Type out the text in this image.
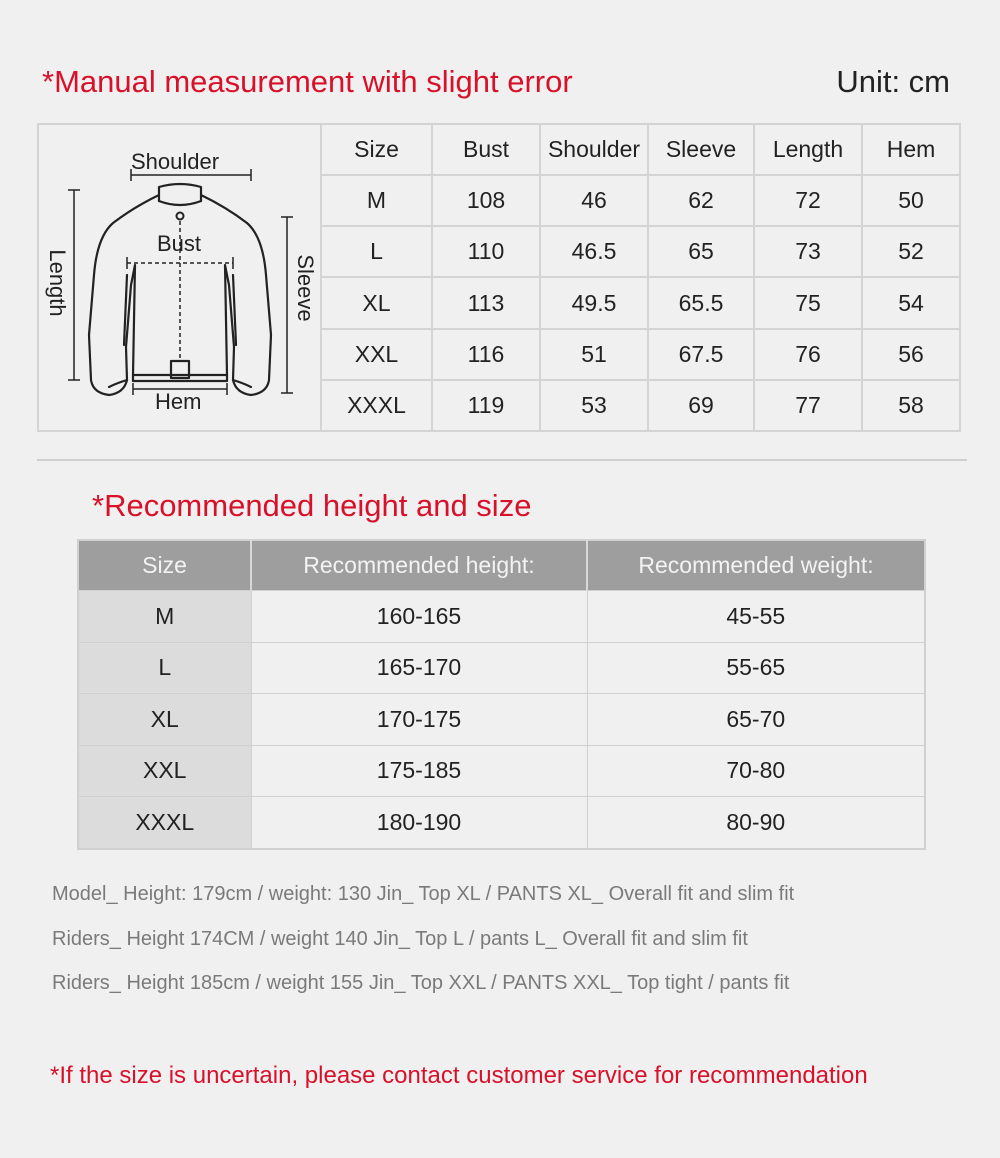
*Manual measurement with slight error	Unit: cm
Shoulder
Bust
Hem
Length	Sleeve
Size	Bust	Shoulder	Sleeve	Length	Hem
M	108	46	62	72	50
L	110	46.5	65	73	52
XL	113	49.5	65.5	75	54
XXL	116	51	67.5	76	56
XXXL	119	53	69	77	58
*Recommended height and size
Size	Recommended height:	Recommended weight:
M	160-165	45-55
L	165-170	55-65
XL	170-175	65-70
XXL	175-185	70-80
XXXL	180-190	80-90
Model_ Height: 179cm / weight: 130 Jin_ Top XL / PANTS XL_ Overall fit and slim fit
Riders_ Height 174CM / weight 140 Jin_ Top L / pants L_ Overall fit and slim fit
Riders_ Height 185cm / weight 155 Jin_ Top XXL / PANTS XXL_ Top tight / pants fit
*If the size is uncertain, please contact customer service for recommendation
